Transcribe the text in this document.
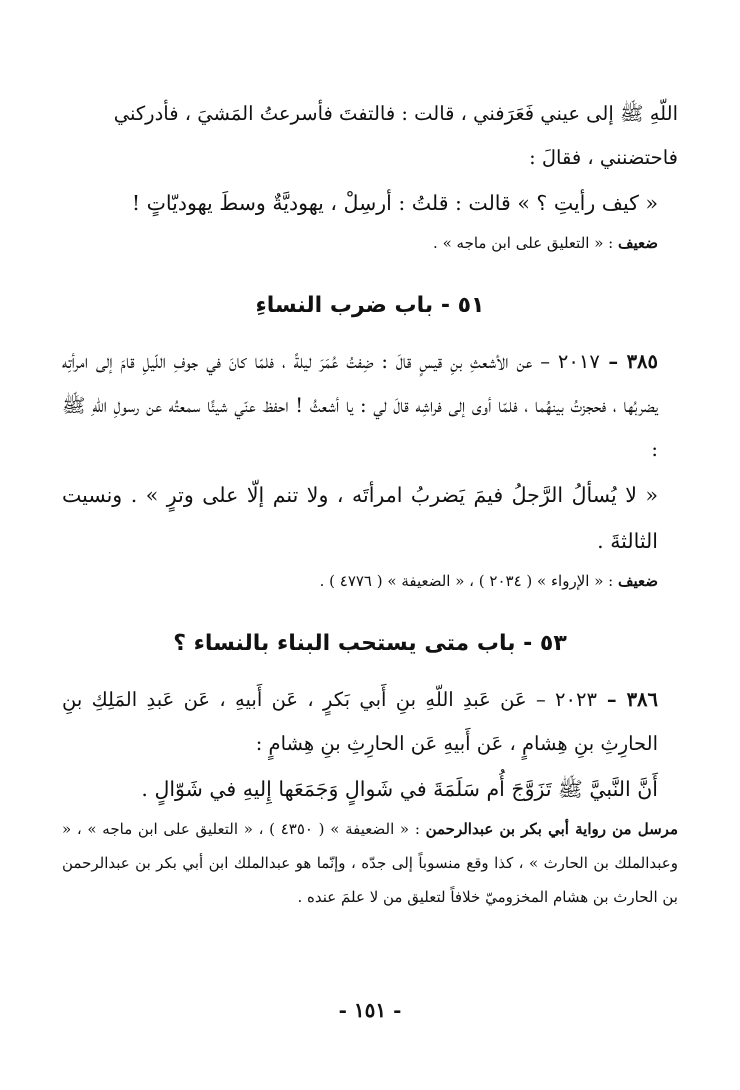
اللّهِ ﷺ إلى عيني فَعَرَفني ، قالت : فالتفتَ فأسرعتُ المَشيَ ، فأدركني

فاحتضنني ، فقالَ :

« كيف رأيتِ ؟ » قالت : قلتُ : أرسِلْ ، يهوديَّةٌ وسطَ يهوديّاتٍ !

ضعيف : « التعليق على ابن ماجه » .

٥١ - باب ضرب النساءِ

٣٨٥ – ٢٠١٧ – عن الأشعثِ بنِ قيسٍ قالَ : ضِفتُ عُمَرَ ليلةً ، فلمّا كانَ في جوفِ اللّيلِ قامَ إلى امرأتِه يضربُها ، فحجزتُ بينهُما ، فلمّا أوى إلى فراشِه قالَ لي : يا أشعثُ ! احفظ عنّي شيئًا سمعتُه عن رسولِ اللّهِ ﷺ :

« لا يُسألُ الرَّجلُ فيمَ يَضربُ امرأتَه ، ولا تنم إلّا على وترٍ » . ونسيت الثالثةَ .

ضعيف : « الإرواء » ( ٢٠٣٤ ) ، « الضعيفة » ( ٤٧٧٦ ) .

٥٣ - باب متى يستحب البناء بالنساء ؟

٣٨٦ – ٢٠٢٣ – عَن عَبدِ اللّهِ بنِ أَبي بَكرٍ ، عَن أَبيهِ ، عَن عَبدِ المَلِكِ بنِ الحارِثِ بنِ هِشامٍ ، عَن أَبيهِ عَن الحارِثِ بنِ هِشامٍ :

أَنَّ النَّبيَّ ﷺ تَزَوَّجَ أُم سَلَمَةَ في شَوالٍ وَجَمَعَها إِليهِ في شَوّالٍ .

مرسل من رواية أبي بكر بن عبدالرحمن : « الضعيفة » ( ٤٣٥٠ ) ، « التعليق على ابن ماجه » ، « وعبدالملك بن الحارث » ، كذا وقع منسوباً إلى جدّه ، وإنّما هو عبدالملك ابن أبي بكر بن عبدالرحمن بن الحارث بن هشام المخزوميّ خلافاً لتعليق من لا علمَ عنده .

- ١٥١ -
